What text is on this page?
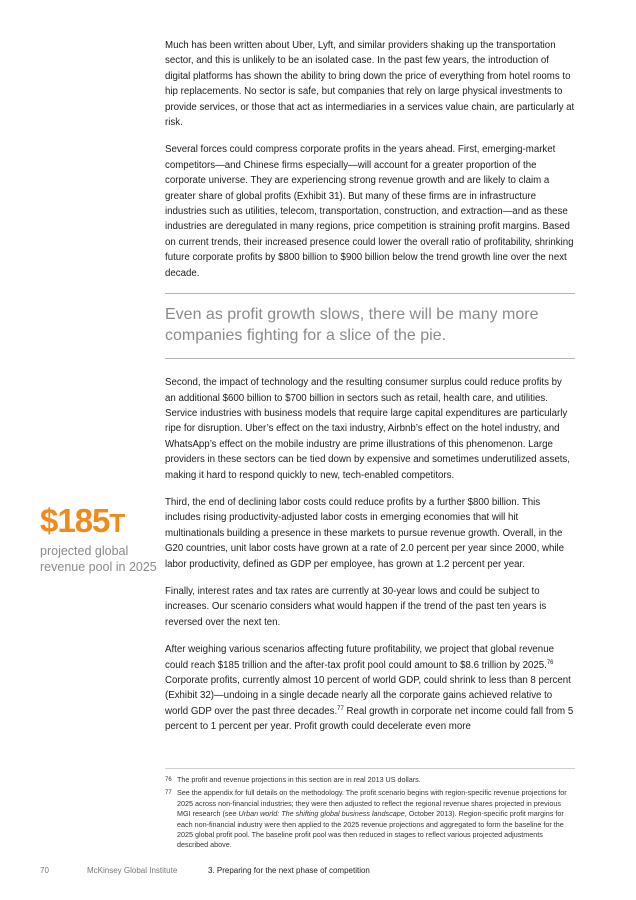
Much has been written about Uber, Lyft, and similar providers shaking up the transportation sector, and this is unlikely to be an isolated case. In the past few years, the introduction of digital platforms has shown the ability to bring down the price of everything from hotel rooms to hip replacements. No sector is safe, but companies that rely on large physical investments to provide services, or those that act as intermediaries in a services value chain, are particularly at risk.

Several forces could compress corporate profits in the years ahead. First, emerging-market competitors—and Chinese firms especially—will account for a greater proportion of the corporate universe. They are experiencing strong revenue growth and are likely to claim a greater share of global profits (Exhibit 31). But many of these firms are in infrastructure industries such as utilities, telecom, transportation, construction, and extraction—and as these industries are deregulated in many regions, price competition is straining profit margins. Based on current trends, their increased presence could lower the overall ratio of profitability, shrinking future corporate profits by $800 billion to $900 billion below the trend growth line over the next decade.

Even as profit growth slows, there will be many more companies fighting for a slice of the pie.

Second, the impact of technology and the resulting consumer surplus could reduce profits by an additional $600 billion to $700 billion in sectors such as retail, health care, and utilities. Service industries with business models that require large capital expenditures are particularly ripe for disruption. Uber’s effect on the taxi industry, Airbnb’s effect on the hotel industry, and WhatsApp’s effect on the mobile industry are prime illustrations of this phenomenon. Large providers in these sectors can be tied down by expensive and sometimes underutilized assets, making it hard to respond quickly to new, tech-enabled competitors.

Third, the end of declining labor costs could reduce profits by a further $800 billion. This includes rising productivity-adjusted labor costs in emerging economies that will hit multinationals building a presence in these markets to pursue revenue growth. Overall, in the G20 countries, unit labor costs have grown at a rate of 2.0 percent per year since 2000, while labor productivity, defined as GDP per employee, has grown at 1.2 percent per year.

Finally, interest rates and tax rates are currently at 30-year lows and could be subject to increases. Our scenario considers what would happen if the trend of the past ten years is reversed over the next ten.

After weighing various scenarios affecting future profitability, we project that global revenue could reach $185 trillion and the after-tax profit pool could amount to $8.6 trillion by 2025.76 Corporate profits, currently almost 10 percent of world GDP, could shrink to less than 8 percent (Exhibit 32)—undoing in a single decade nearly all the corporate gains achieved relative to world GDP over the past three decades.$^{77}$ Real growth in corporate net income could fall from 5 percent to 1 percent per year. Profit growth could decelerate even more

$185T
projected global revenue pool in 2025
76 The profit and revenue projections in this section are in real 2013 US dollars.
77 See the appendix for full details on the methodology. The profit scenario begins with region-specific revenue projections for 2025 across non-financial industries; they were then adjusted to reflect the regional revenue shares projected in previous MGI research (see Urban world: The shifting global business landscape, October 2013). Region-specific profit margins for each non-financial industry were then applied to the 2025 revenue projections and aggregated to form the baseline for the 2025 global profit pool. The baseline profit pool was then reduced in stages to reflect various projected adjustments described above.
70	McKinsey Global Institute	3. Preparing for the next phase of competition
